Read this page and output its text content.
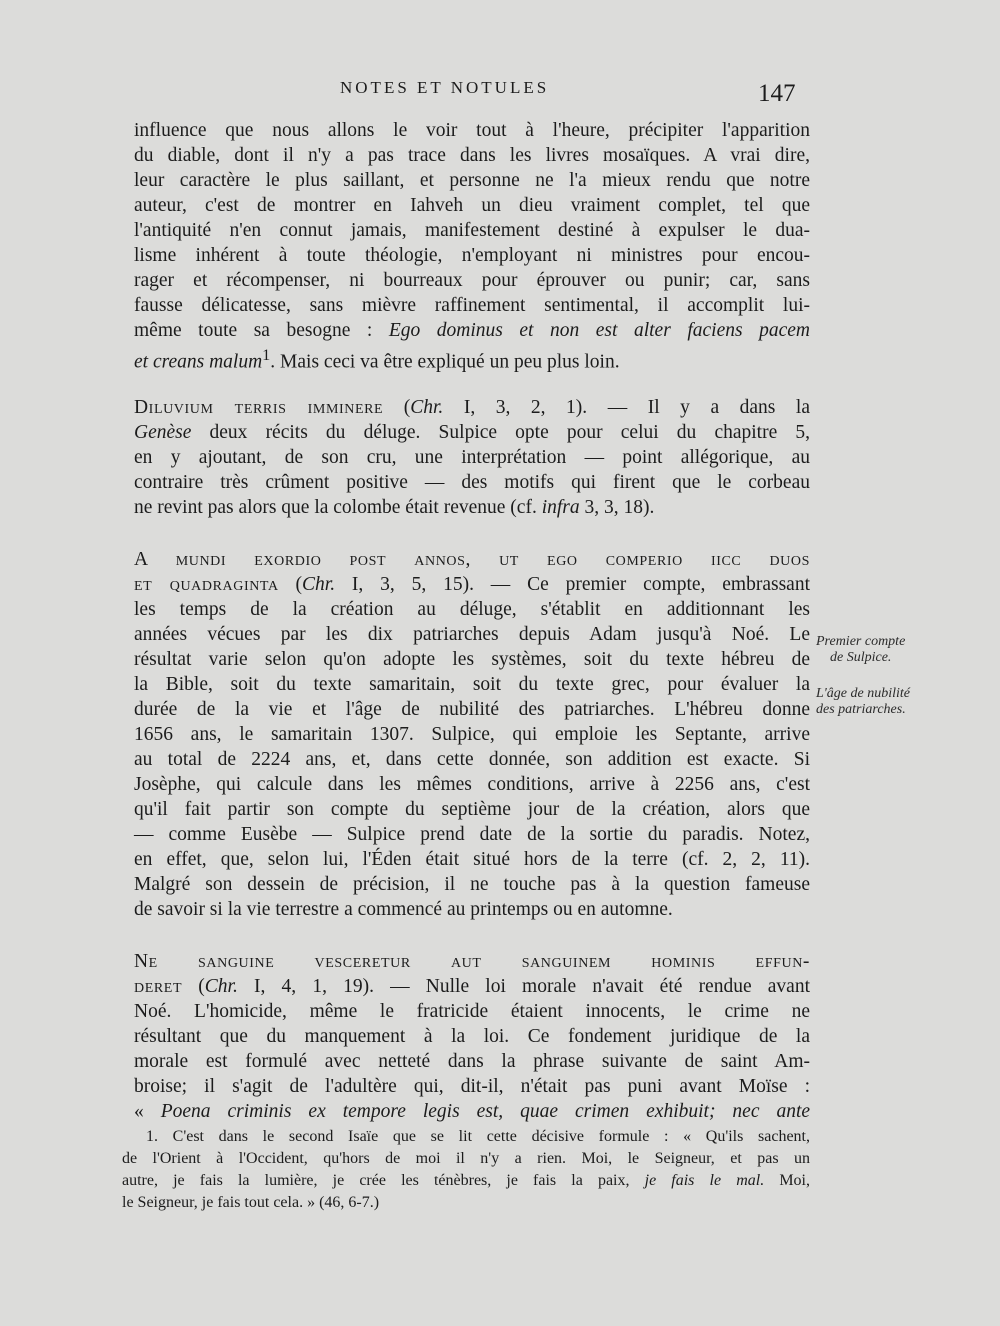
NOTES ET NOTULES	147
influence que nous allons le voir tout à l'heure, précipiter l'apparition
du diable, dont il n'y a pas trace dans les livres mosaïques. A vrai dire,
leur caractère le plus saillant, et personne ne l'a mieux rendu que notre
auteur, c'est de montrer en Iahveh un dieu vraiment complet, tel que
l'antiquité n'en connut jamais, manifestement destiné à expulser le dua-
lisme inhérent à toute théologie, n'employant ni ministres pour encou-
rager et récompenser, ni bourreaux pour éprouver ou punir; car, sans
fausse délicatesse, sans mièvre raffinement sentimental, il accomplit lui-
même toute sa besogne : Ego dominus et non est alter faciens pacem
et creans malum$^1$. Mais ceci va être expliqué un peu plus loin.
Diluvium terris imminere (Chr. I, 3, 2, 1). — Il y a dans la
Genèse deux récits du déluge. Sulpice opte pour celui du chapitre 5,
en y ajoutant, de son cru, une interprétation — point allégorique, au
contraire très crûment positive — des motifs qui firent que le corbeau
ne revint pas alors que la colombe était revenue (cf. infra 3, 3, 18).
A mundi exordio post annos, ut ego comperio iicc duos
et quadraginta (Chr. I, 3, 5, 15). — Ce premier compte, embrassant
les temps de la création au déluge, s'établit en additionnant les
années vécues par les dix patriarches depuis Adam jusqu'à Noé. Le
résultat varie selon qu'on adopte les systèmes, soit du texte hébreu de
la Bible, soit du texte samaritain, soit du texte grec, pour évaluer la
durée de la vie et l'âge de nubilité des patriarches. L'hébreu donne
1656 ans, le samaritain 1307. Sulpice, qui emploie les Septante, arrive
au total de 2224 ans, et, dans cette donnée, son addition est exacte. Si
Josèphe, qui calcule dans les mêmes conditions, arrive à 2256 ans, c'est
qu'il fait partir son compte du septième jour de la création, alors que
— comme Eusèbe — Sulpice prend date de la sortie du paradis. Notez,
en effet, que, selon lui, l'Éden était situé hors de la terre (cf. 2, 2, 11).
Malgré son dessein de précision, il ne touche pas à la question fameuse
de savoir si la vie terrestre a commencé au printemps ou en automne.
Ne sanguine vesceretur aut sanguinem hominis effun-
deret (Chr. I, 4, 1, 19). — Nulle loi morale n'avait été rendue avant
Noé. L'homicide, même le fratricide étaient innocents, le crime ne
résultant que du manquement à la loi. Ce fondement juridique de la
morale est formulé avec netteté dans la phrase suivante de saint Am-
broise; il s'agit de l'adultère qui, dit-il, n'était pas puni avant Moïse :
« Poena criminis ex tempore legis est, quae crimen exhibuit; nec ante
Premier compte
de Sulpice.
L'âge de nubilité
des patriarches.
1. C'est dans le second Isaïe que se lit cette décisive formule : « Qu'ils sachent,
de l'Orient à l'Occident, qu'hors de moi il n'y a rien. Moi, le Seigneur, et pas un
autre, je fais la lumière, je crée les ténèbres, je fais la paix, je fais le mal. Moi,
le Seigneur, je fais tout cela. » (46, 6-7.)
